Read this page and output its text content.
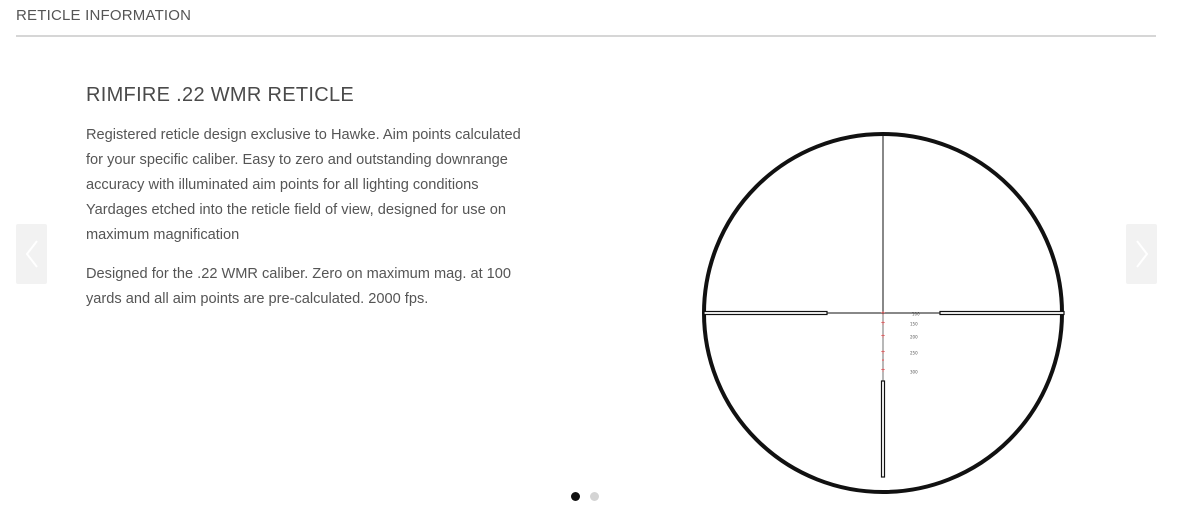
RETICLE INFORMATION
RIMFIRE .22 WMR RETICLE

Registered reticle design exclusive to Hawke. Aim points calculated for your specific caliber. Easy to zero and outstanding downrange accuracy with illuminated aim points for all lighting conditions Yardages etched into the reticle field of view, designed for use on maximum magnification

Designed for the .22 WMR caliber. Zero on maximum mag. at 100 yards and all aim points are pre-calculated. 2000 fps.

+
+
+
+
+
100
150
200
250
300
